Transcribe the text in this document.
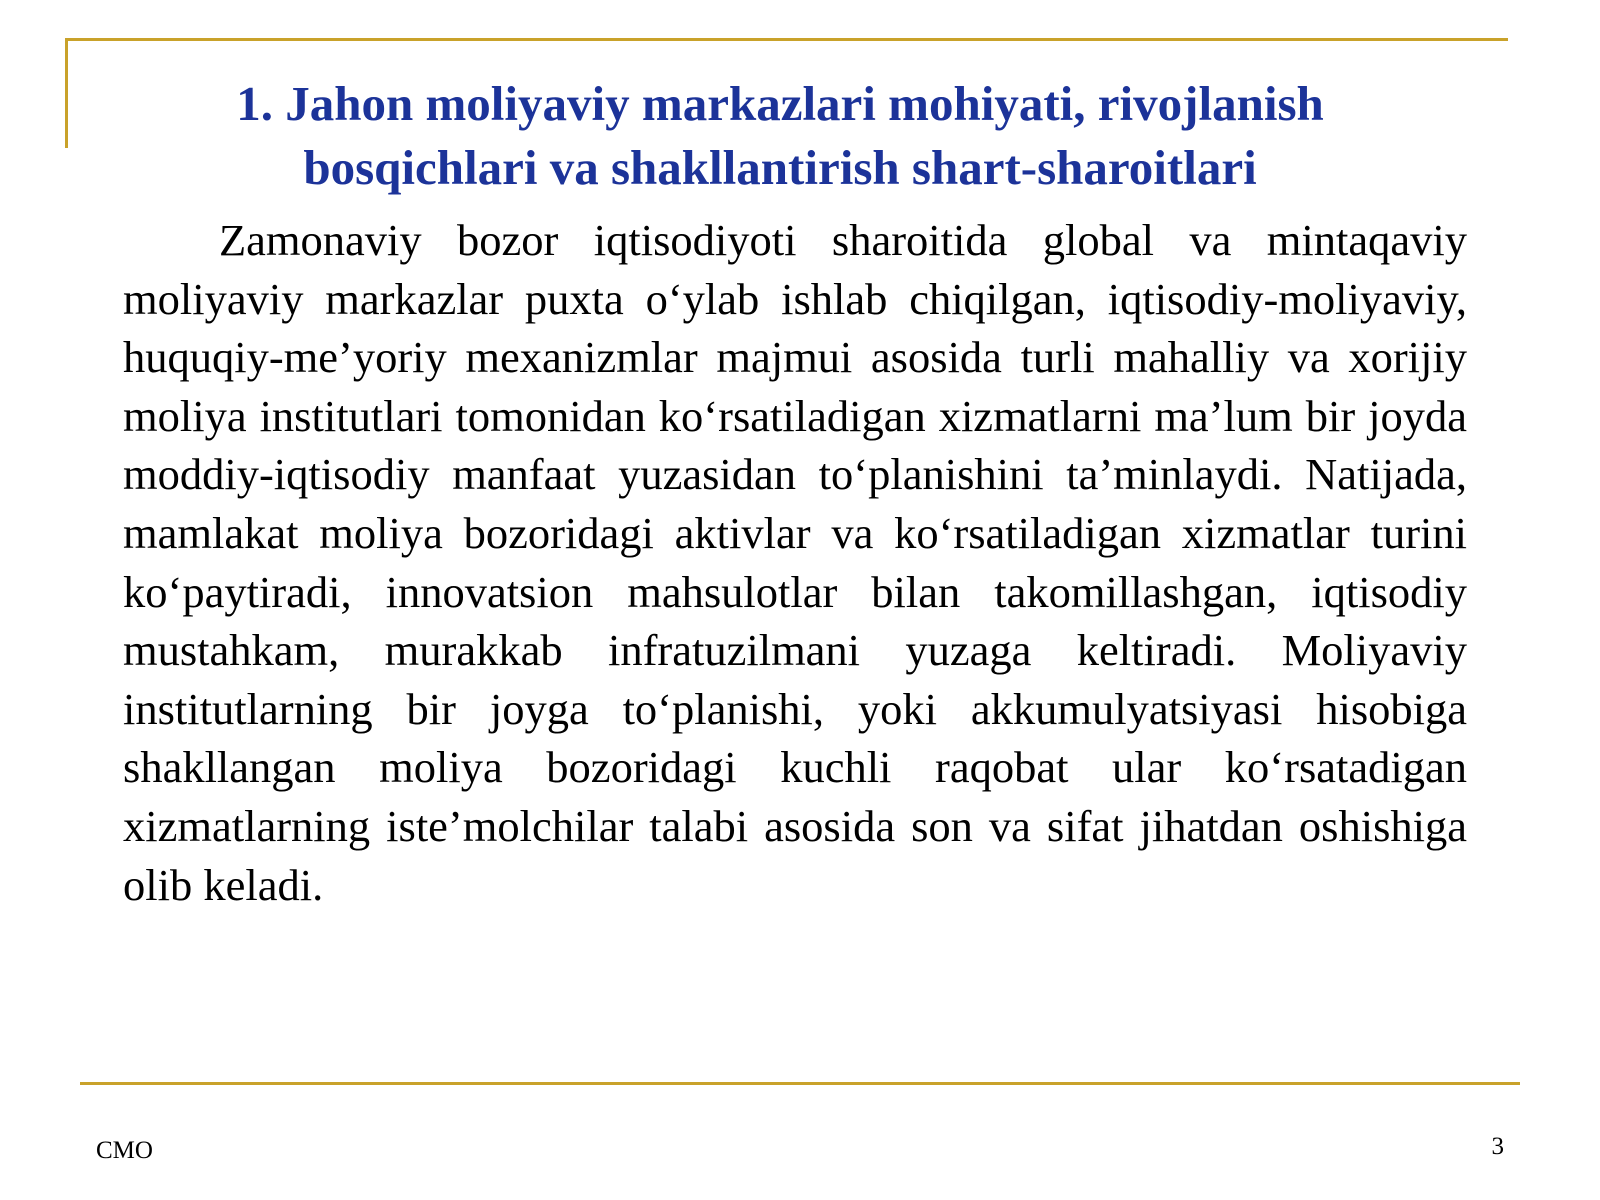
1. Jahon moliyaviy markazlari mohiyati, rivojlanish bosqichlari va shakllantirish shart-sharoitlari

Zamonaviy bozor iqtisodiyoti sharoitida global va mintaqaviy moliyaviy markazlar puxta o‘ylab ishlab chiqilgan, iqtisodiy-moliyaviy, huquqiy-me’yoriy mexanizmlar majmui asosida turli mahalliy va xorijiy moliya institutlari tomonidan ko‘rsatiladigan xizmatlarni ma’lum bir joyda moddiy-iqtisodiy manfaat yuzasidan to‘planishini ta’minlaydi. Natijada, mamlakat moliya bozoridagi aktivlar va ko‘rsatiladigan xizmatlar turini ko‘paytiradi, innovatsion mahsulotlar bilan takomillashgan, iqtisodiy mustahkam, murakkab infratuzilmani yuzaga keltiradi. Moliyaviy institutlarning bir joyga to‘planishi, yoki akkumulyatsiyasi hisobiga shakllangan moliya bozoridagi kuchli raqobat ular ko‘rsatadigan xizmatlarning iste’molchilar talabi asosida son va sifat jihatdan oshishiga olib keladi.

CMO	3
